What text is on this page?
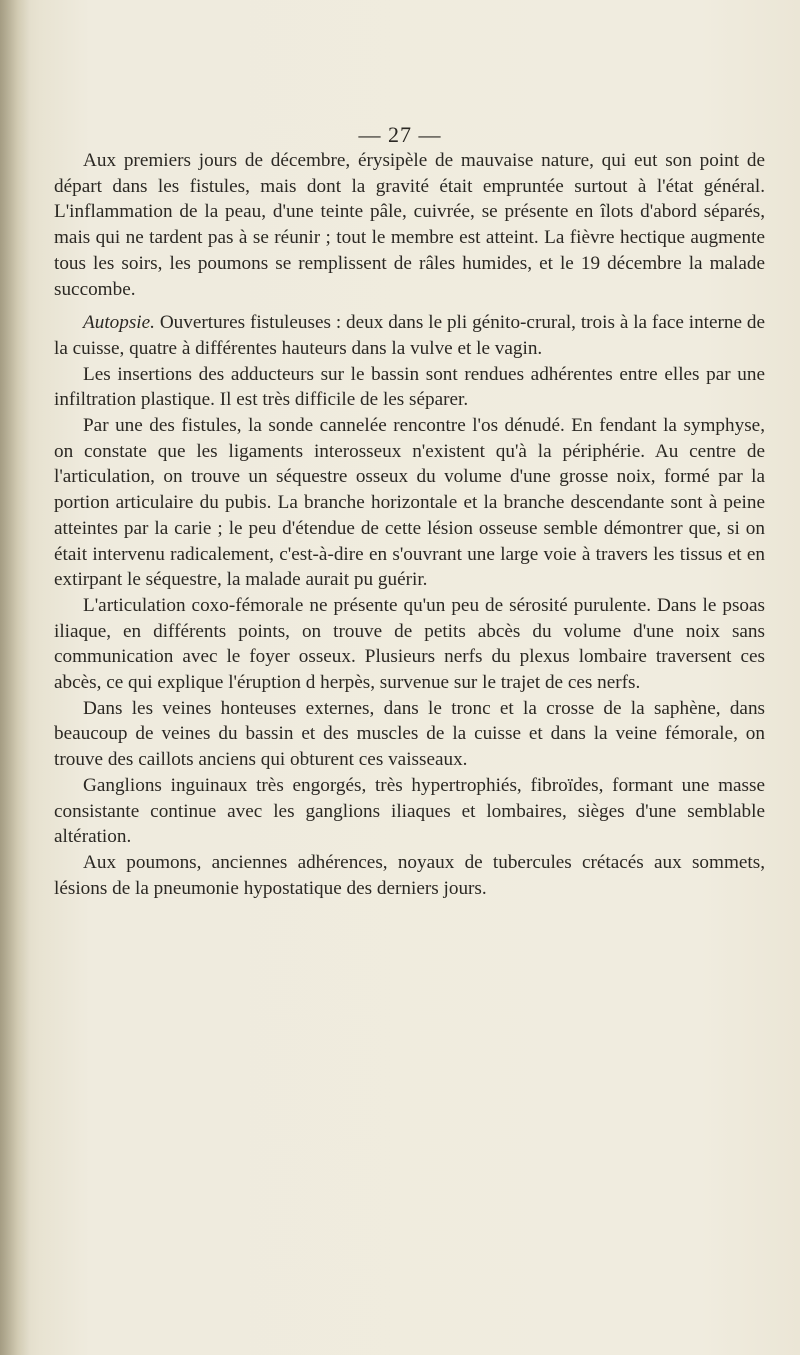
— 27 —

Aux premiers jours de décembre, érysipèle de mauvaise nature, qui eut son point de départ dans les fistules, mais dont la gravité était empruntée surtout à l'état général. L'inflammation de la peau, d'une teinte pâle, cuivrée, se présente en îlots d'abord séparés, mais qui ne tardent pas à se réunir ; tout le membre est atteint. La fièvre hectique augmente tous les soirs, les poumons se remplissent de râles humides, et le 19 décembre la malade succombe.

Autopsie. Ouvertures fistuleuses : deux dans le pli génito-crural, trois à la face interne de la cuisse, quatre à différentes hauteurs dans la vulve et le vagin.

Les insertions des adducteurs sur le bassin sont rendues adhérentes entre elles par une infiltration plastique. Il est très difficile de les séparer.

Par une des fistules, la sonde cannelée rencontre l'os dénudé. En fendant la symphyse, on constate que les ligaments interosseux n'existent qu'à la périphérie. Au centre de l'articulation, on trouve un séquestre osseux du volume d'une grosse noix, formé par la portion articulaire du pubis. La branche horizontale et la branche descendante sont à peine atteintes par la carie ; le peu d'étendue de cette lésion osseuse semble démontrer que, si on était intervenu radicalement, c'est-à-dire en s'ouvrant une large voie à travers les tissus et en extirpant le séquestre, la malade aurait pu guérir.

L'articulation coxo-fémorale ne présente qu'un peu de sérosité purulente. Dans le psoas iliaque, en différents points, on trouve de petits abcès du volume d'une noix sans communication avec le foyer osseux. Plusieurs nerfs du plexus lombaire traversent ces abcès, ce qui explique l'éruption d herpès, survenue sur le trajet de ces nerfs.

Dans les veines honteuses externes, dans le tronc et la crosse de la saphène, dans beaucoup de veines du bassin et des muscles de la cuisse et dans la veine fémorale, on trouve des caillots anciens qui obturent ces vaisseaux.

Ganglions inguinaux très engorgés, très hypertrophiés, fibroïdes, formant une masse consistante continue avec les ganglions iliaques et lombaires, sièges d'une semblable altération.

Aux poumons, anciennes adhérences, noyaux de tubercules crétacés aux sommets, lésions de la pneumonie hypostatique des derniers jours.
